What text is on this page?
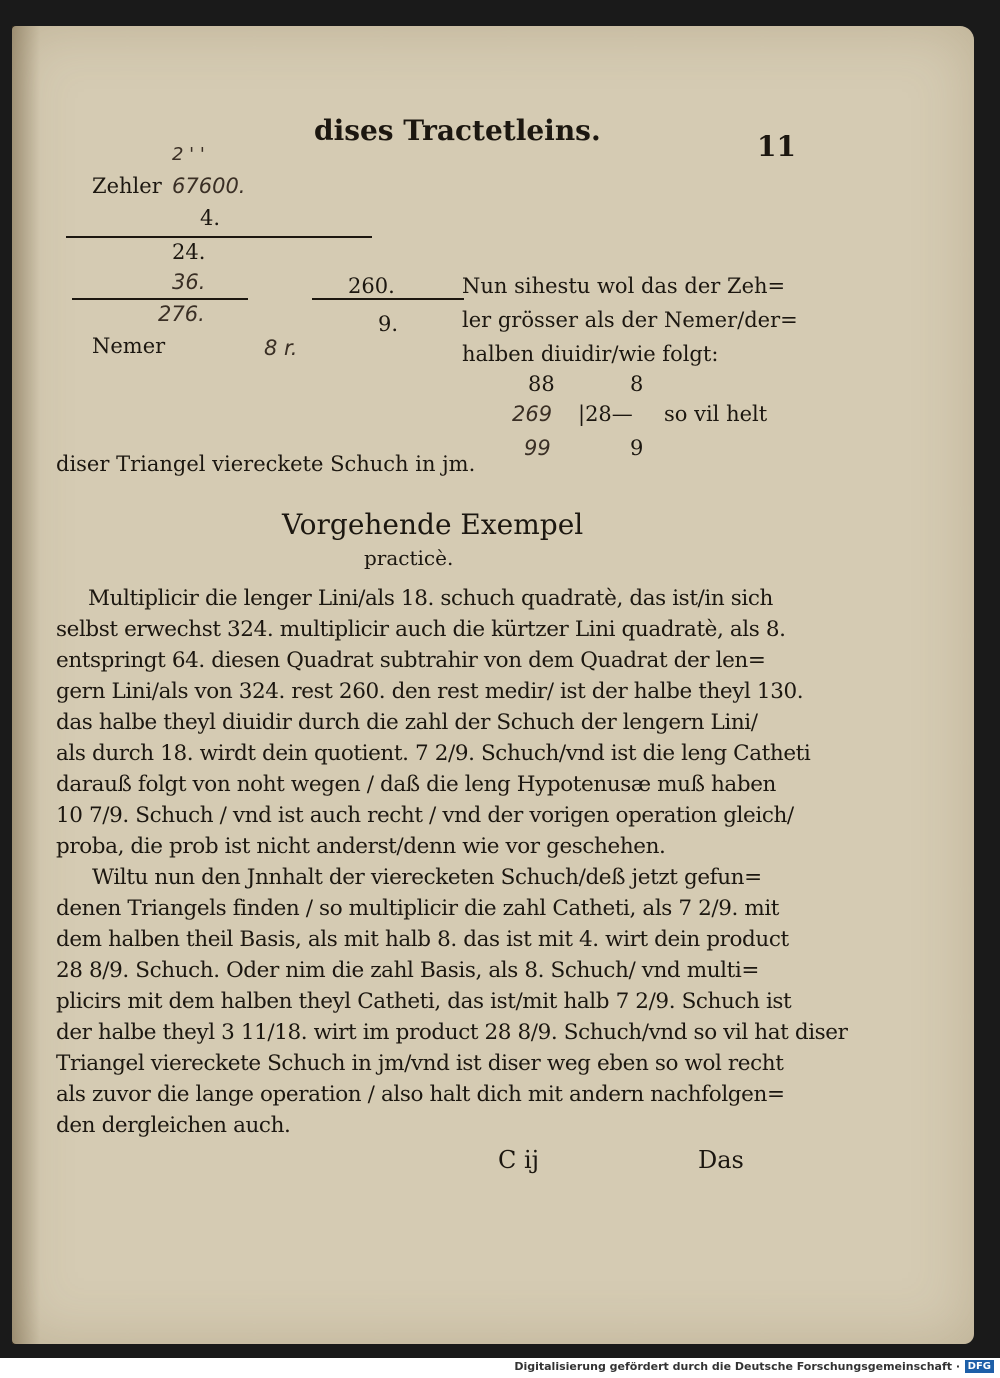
dises Tractetleins.	11
2 ' '
Zehler 67600.
4.
24.
36.	260.
276.	9.
Nemer	8 r.
Nun sihestu wol das der Zeh=
ler grösser als der Nemer/der=
halben diuidir/wie folgt:
88	8
269 |28— so vil helt
99	9
diser Triangel viereckete Schuch in jm.
Vorgehende Exempel
practicè.
Multiplicir die lenger Lini/als 18. schuch quadratè, das ist/in sich
selbst erwechst 324. multiplicir auch die kürtzer Lini quadratè, als 8.
entspringt 64. diesen Quadrat subtrahir von dem Quadrat der len=
gern Lini/als von 324. rest 260. den rest medir/ ist der halbe theyl 130.
das halbe theyl diuidir durch die zahl der Schuch der lengern Lini/
als durch 18. wirdt dein quotient. 7 2/9. Schuch/vnd ist die leng Catheti
darauß folgt von noht wegen / daß die leng Hypotenusæ muß haben
10 7/9. Schuch / vnd ist auch recht / vnd der vorigen operation gleich/
proba, die prob ist nicht anderst/denn wie vor geschehen.
Wiltu nun den Jnnhalt der vierecketen Schuch/deß jetzt gefun=
denen Triangels finden / so multiplicir die zahl Catheti, als 7 2/9. mit
dem halben theil Basis, als mit halb 8. das ist mit 4. wirt dein product
28 8/9. Schuch. Oder nim die zahl Basis, als 8. Schuch/ vnd multi=
plicirs mit dem halben theyl Catheti, das ist/mit halb 7 2/9. Schuch ist
der halbe theyl 3 11/18. wirt im product 28 8/9. Schuch/vnd so vil hat diser
Triangel viereckete Schuch in jm/vnd ist diser weg eben so wol recht
als zuvor die lange operation / also halt dich mit andern nachfolgen=
den dergleichen auch.
C ij	Das
Digitalisierung gefördert durch die Deutsche Forschungsgemeinschaft · DFG
